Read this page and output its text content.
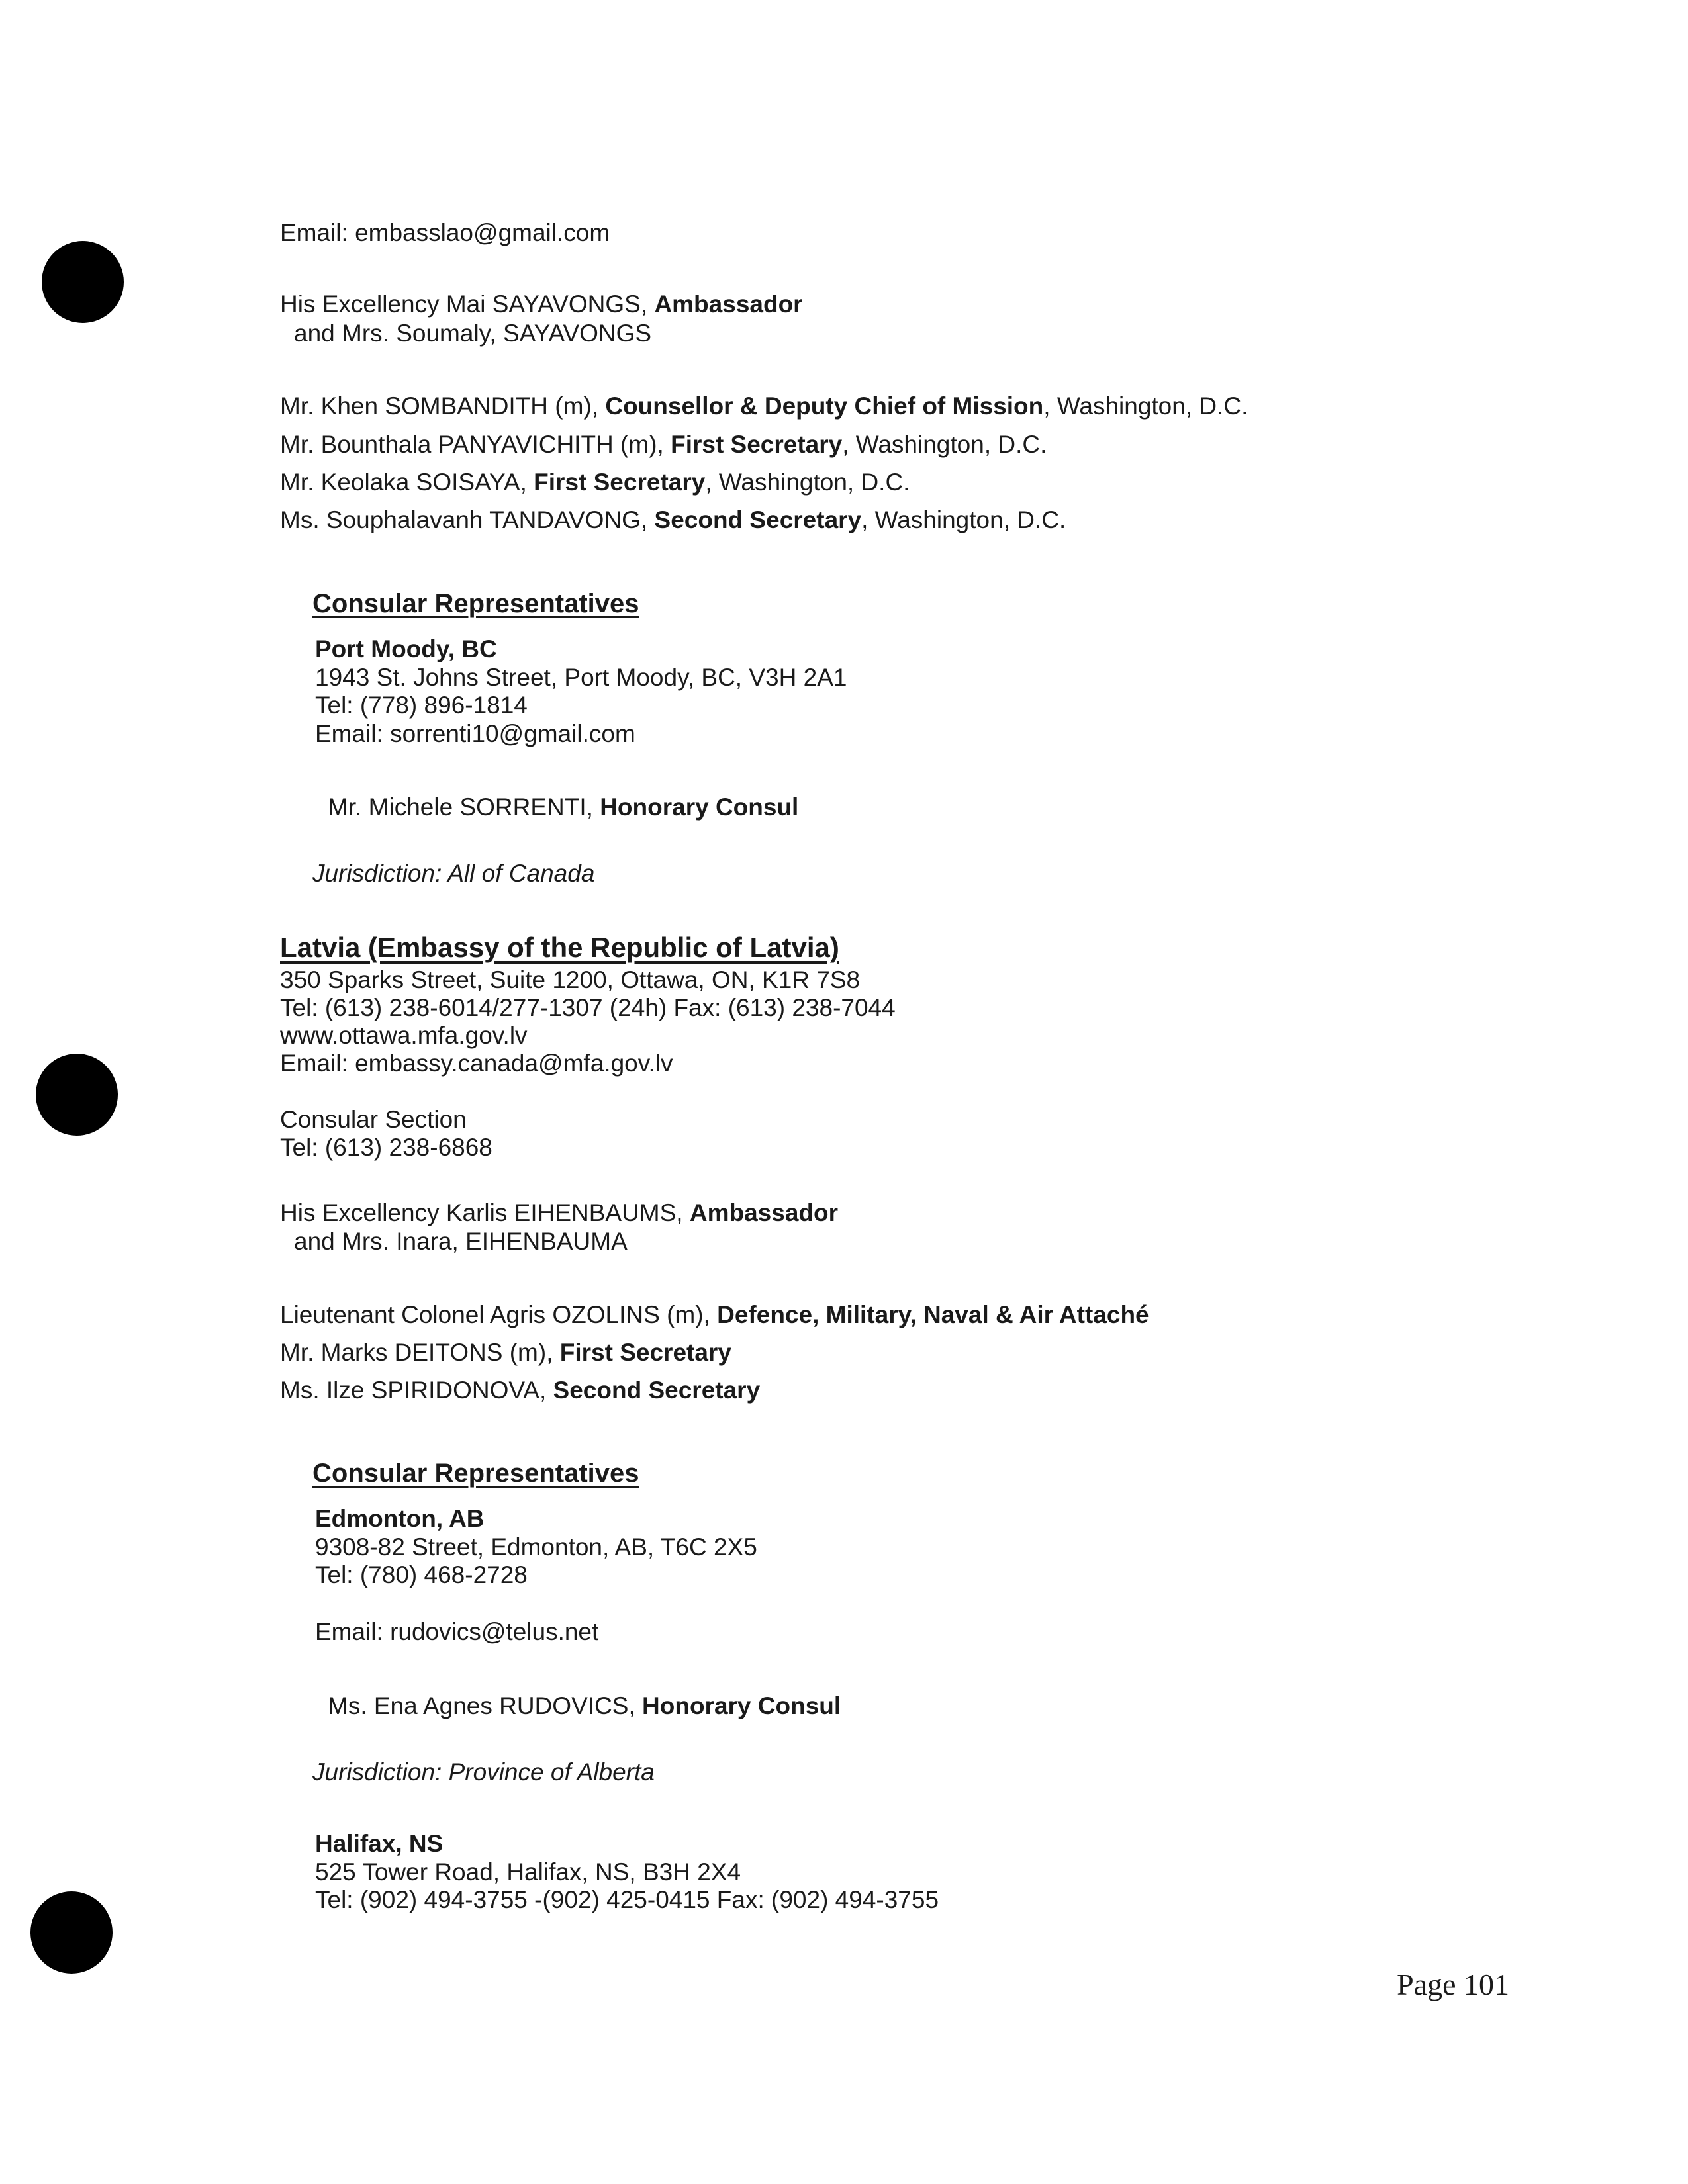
Email: embasslao@gmail.com
His Excellency Mai SAYAVONGS, Ambassador
and Mrs. Soumaly, SAYAVONGS
Mr. Khen SOMBANDITH (m), Counsellor & Deputy Chief of Mission, Washington, D.C.
Mr. Bounthala PANYAVICHITH (m), First Secretary, Washington, D.C.
Mr. Keolaka SOISAYA, First Secretary, Washington, D.C.
Ms. Souphalavanh TANDAVONG, Second Secretary, Washington, D.C.
Consular Representatives
Port Moody, BC
1943 St. Johns Street, Port Moody, BC, V3H 2A1
Tel: (778) 896-1814
Email: sorrenti10@gmail.com
Mr. Michele SORRENTI, Honorary Consul
Jurisdiction: All of Canada
Latvia (Embassy of the Republic of Latvia)
350 Sparks Street, Suite 1200, Ottawa, ON, K1R 7S8
Tel: (613) 238-6014/277-1307 (24h) Fax: (613) 238-7044
www.ottawa.mfa.gov.lv
Email: embassy.canada@mfa.gov.lv
Consular Section
Tel: (613) 238-6868
His Excellency Karlis EIHENBAUMS, Ambassador
and Mrs. Inara, EIHENBAUMA
Lieutenant Colonel Agris OZOLINS (m), Defence, Military, Naval & Air Attaché
Mr. Marks DEITONS (m), First Secretary
Ms. Ilze SPIRIDONOVA, Second Secretary
Consular Representatives
Edmonton, AB
9308-82 Street, Edmonton, AB, T6C 2X5
Tel: (780) 468-2728
Email: rudovics@telus.net
Ms. Ena Agnes RUDOVICS, Honorary Consul
Jurisdiction: Province of Alberta
Halifax, NS
525 Tower Road, Halifax, NS, B3H 2X4
Tel: (902) 494-3755 -(902) 425-0415 Fax: (902) 494-3755
Page 101
